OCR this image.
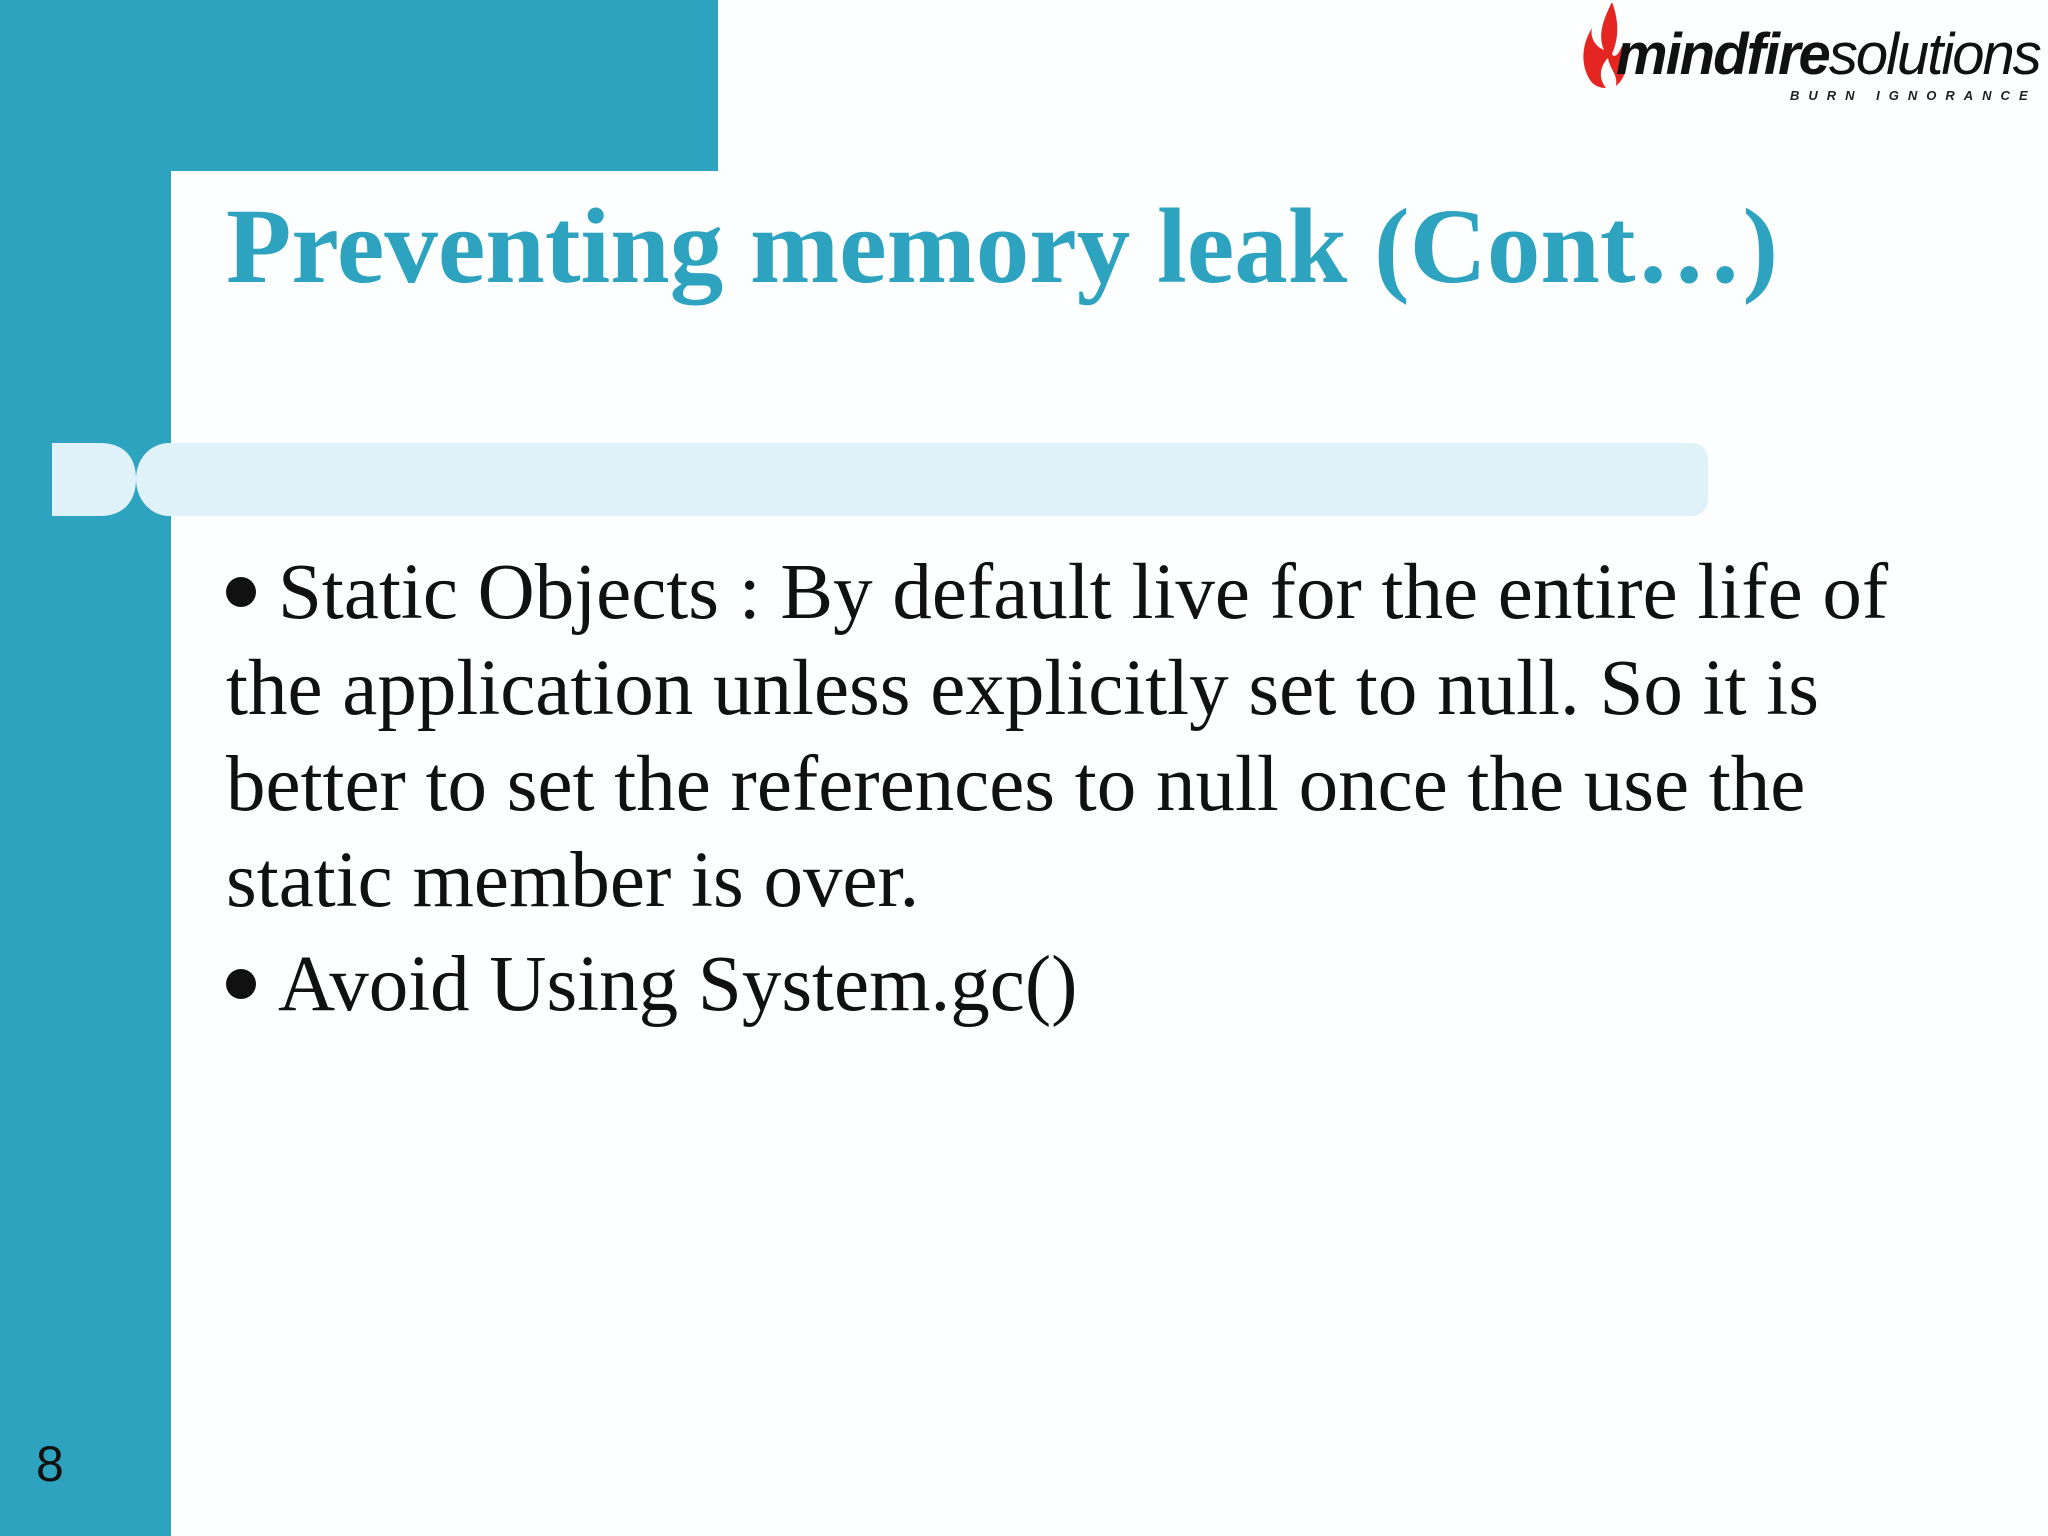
mindfiresolutions
BURN IGNORANCE
Preventing memory leak (Cont…)

Static Objects : By default live for the entire life of the application unless explicitly set to null. So it is better to set the references to null once the use the static member is over.

Avoid Using System.gc()

8
